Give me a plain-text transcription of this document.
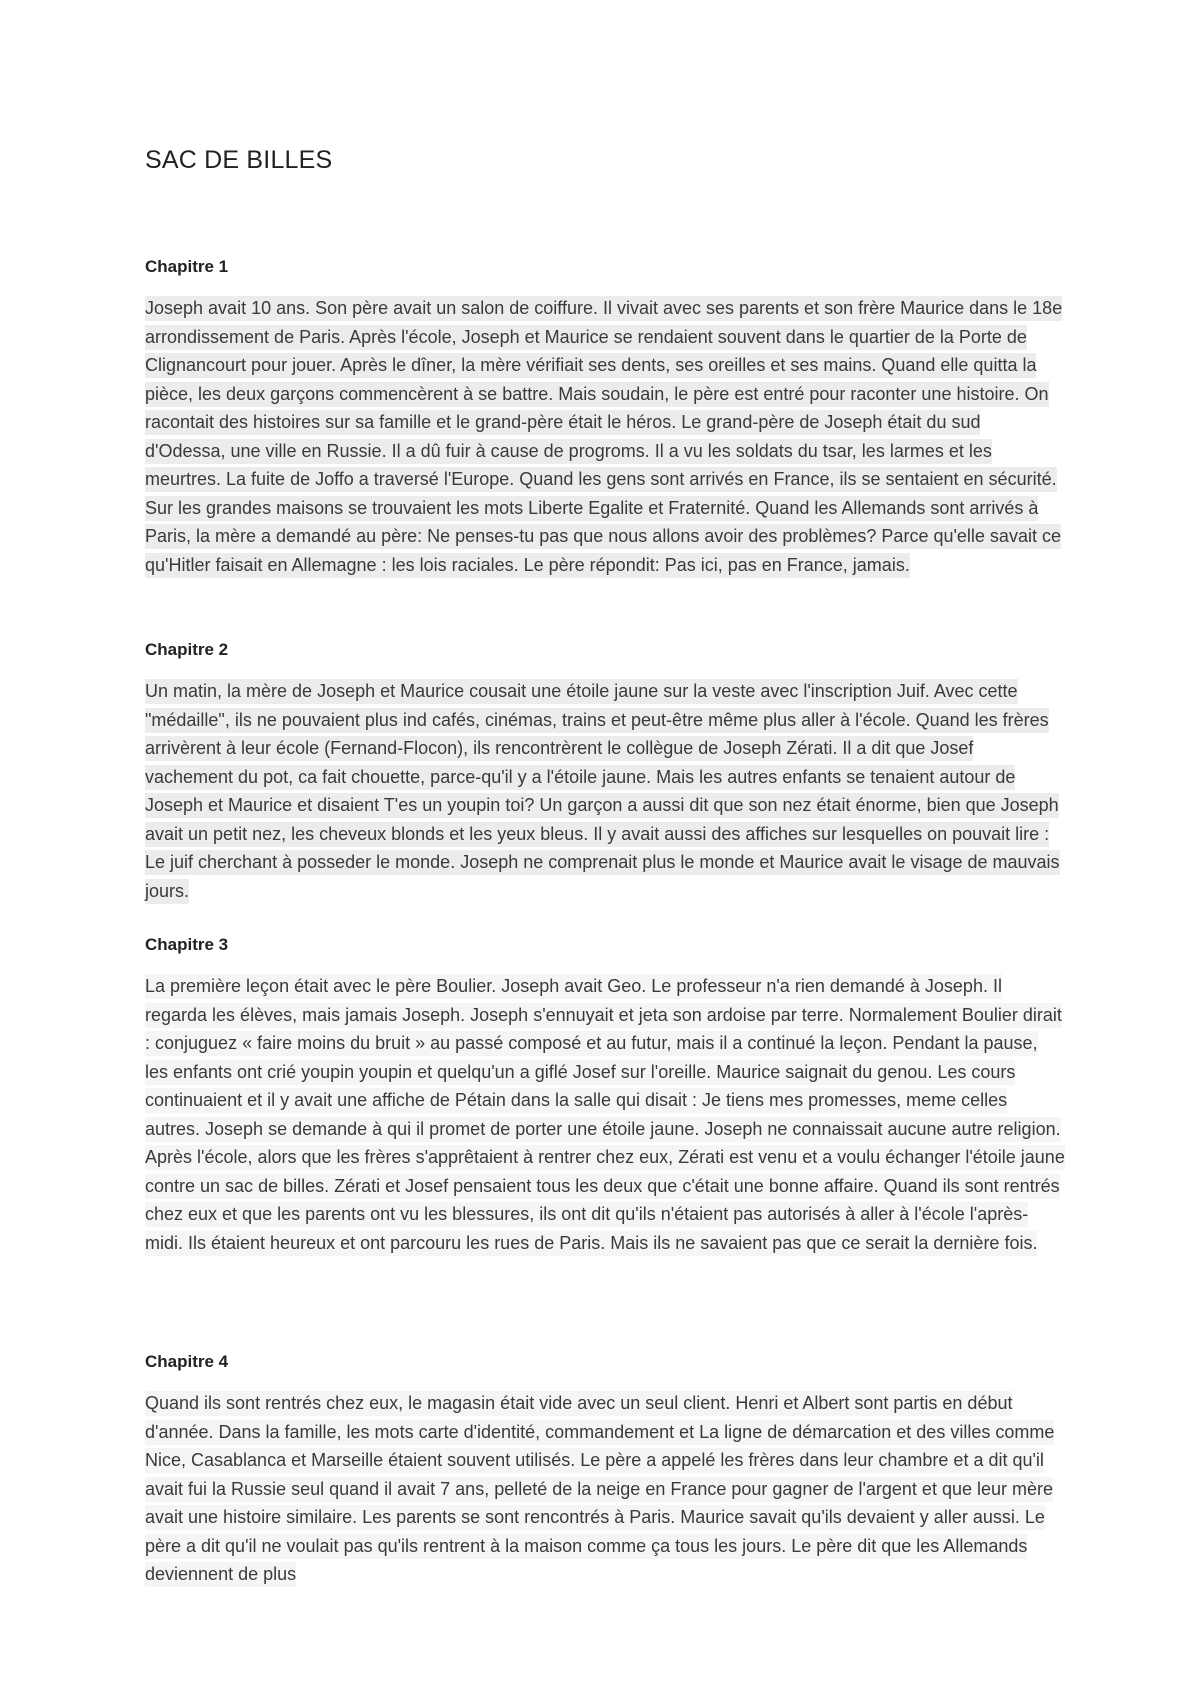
SAC DE BILLES
Chapitre 1

Joseph avait 10 ans. Son père avait un salon de coiffure. Il vivait avec ses parents et son frère Maurice dans le 18e arrondissement de Paris. Après l'école, Joseph et Maurice se rendaient souvent dans le quartier de la Porte de Clignancourt pour jouer. Après le dîner, la mère vérifiait ses dents, ses oreilles et ses mains. Quand elle quitta la pièce, les deux garçons commencèrent à se battre. Mais soudain, le père est entré pour raconter une histoire. On racontait des histoires sur sa famille et le grand-père était le héros. Le grand-père de Joseph était du sud d'Odessa, une ville en Russie. Il a dû fuir à cause de progroms. Il a vu les soldats du tsar, les larmes et les meurtres. La fuite de Joffo a traversé l'Europe. Quand les gens sont arrivés en France, ils se sentaient en sécurité. Sur les grandes maisons se trouvaient les mots Liberte Egalite et Fraternité. Quand les Allemands sont arrivés à Paris, la mère a demandé au père: Ne penses-tu pas que nous allons avoir des problèmes? Parce qu'elle savait ce qu'Hitler faisait en Allemagne : les lois raciales. Le père répondit: Pas ici, pas en France, jamais.

Chapitre 2

Un matin, la mère de Joseph et Maurice cousait une étoile jaune sur la veste avec l'inscription Juif. Avec cette "médaille", ils ne pouvaient plus ind cafés, cinémas, trains et peut-être même plus aller à l'école. Quand les frères arrivèrent à leur école (Fernand-Flocon), ils rencontrèrent le collègue de Joseph Zérati. Il a dit que Josef vachement du pot, ca fait chouette, parce-qu'il y a l'étoile jaune. Mais les autres enfants se tenaient autour de Joseph et Maurice et disaient T'es un youpin toi? Un garçon a aussi dit que son nez était énorme, bien que Joseph avait un petit nez, les cheveux blonds et les yeux bleus. Il y avait aussi des affiches sur lesquelles on pouvait lire : Le juif cherchant à posseder le monde. Joseph ne comprenait plus le monde et Maurice avait le visage de mauvais jours.

Chapitre 3

La première leçon était avec le père Boulier. Joseph avait Geo. Le professeur n'a rien demandé à Joseph. Il regarda les élèves, mais jamais Joseph. Joseph s'ennuyait et jeta son ardoise par terre. Normalement Boulier dirait : conjuguez « faire moins du bruit » au passé composé et au futur, mais il a continué la leçon. Pendant la pause, les enfants ont crié youpin youpin et quelqu'un a giflé Josef sur l'oreille. Maurice saignait du genou. Les cours continuaient et il y avait une affiche de Pétain dans la salle qui disait : Je tiens mes promesses, meme celles autres. Joseph se demande à qui il promet de porter une étoile jaune. Joseph ne connaissait aucune autre religion. Après l'école, alors que les frères s'apprêtaient à rentrer chez eux, Zérati est venu et a voulu échanger l'étoile jaune contre un sac de billes. Zérati et Josef pensaient tous les deux que c'était une bonne affaire. Quand ils sont rentrés chez eux et que les parents ont vu les blessures, ils ont dit qu'ils n'étaient pas autorisés à aller à l'école l'après-midi. Ils étaient heureux et ont parcouru les rues de Paris. Mais ils ne savaient pas que ce serait la dernière fois.

Chapitre 4

Quand ils sont rentrés chez eux, le magasin était vide avec un seul client. Henri et Albert sont partis en début d'année. Dans la famille, les mots carte d'identité, commandement et La ligne de démarcation et des villes comme Nice, Casablanca et Marseille étaient souvent utilisés. Le père a appelé les frères dans leur chambre et a dit qu'il avait fui la Russie seul quand il avait 7 ans, pelleté de la neige en France pour gagner de l'argent et que leur mère avait une histoire similaire. Les parents se sont rencontrés à Paris. Maurice savait qu'ils devaient y aller aussi. Le père a dit qu'il ne voulait pas qu'ils rentrent à la maison comme ça tous les jours. Le père dit que les Allemands deviennent de plus
